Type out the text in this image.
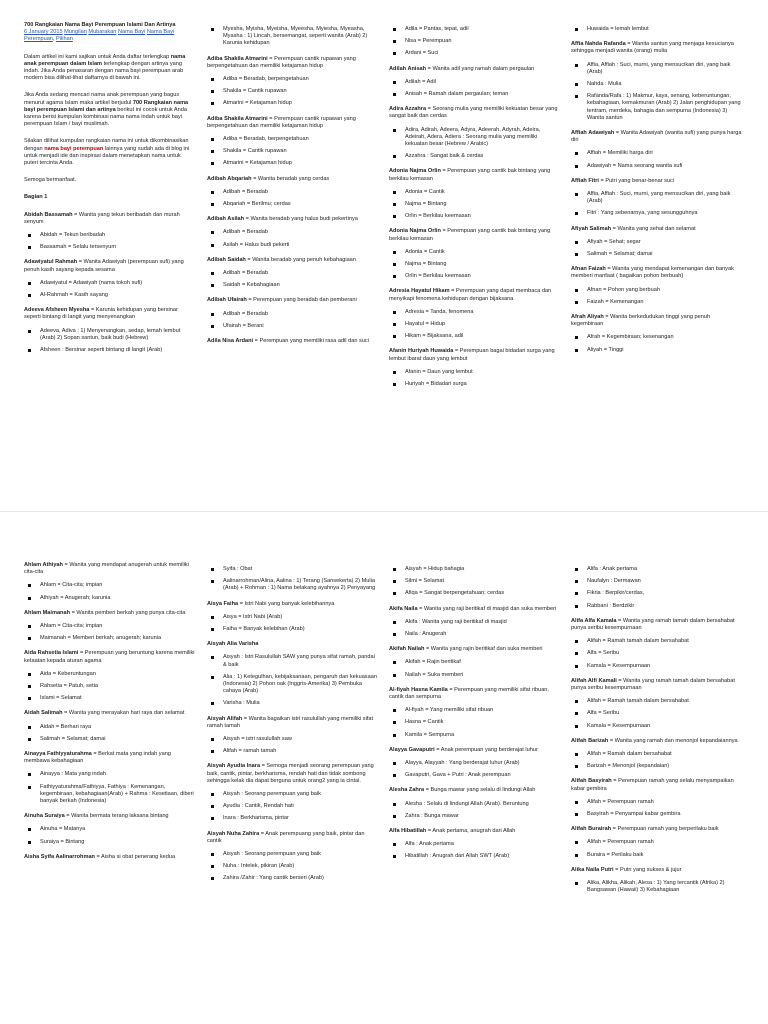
700 Rangkaian Nama Bayi Perempuan Islami Dan Artinya
6 January 2015 Mungilan Mubarakan Nama Bayi Nama Bayi Perempuan, Pilihan

Dalam artikel ini kami sajikan untuk Anda daftar terlengkap nama anak perempuan dalam Islam terlengkap dengan artinya yang indah. Jika Anda penasaran dengan nama bayi perempuan arab modern bisa dilihat-lihat daftarnya di bawah ini.

Jika Anda sedang mencari nama anak perempuan yang bagus menurut agama Islam maka artikel berjudul 700 Rangkaian nama bayi perempuan Islami dan artinya berikut ini cocok untuk Anda karena berisi kumpulan kombinasi nama nama indah untuk bayi perempuan Islam / bayi muslimah.

Silakan dilihat kumpulan rangkaian nama ini untuk dikombinasikan dengan nama bayi perempuan lainnya yang sudah ada di blog ini untuk menjadi ide dan inspirasi dalam menetapkan nama untuk puteri tercinta Anda.

Semoga bermanfaat.

Bagian 1

Abidah Bassamah = Wanita yang tekun beribadah dan murah senyum

Abidah = Tekun beribadah
Bassamah = Selalu tersenyum

Adawiyatul Rahmah = Wanita Adawiyah (perempuan sufi) yang penuh kasih sayang kepada sesama

Adawiyatul = Adawiyah (nama tokoh sufi)
Al-Rahmah = Kasih sayang

Adeeva Afsheen Myesha = Karunia kehidupan yang bersinar seperti bintang di langit yang menyenangkan

Adeeva, Adiva : 1) Menyenangkan, sedap, lemah lembut (Arab) 2) Sopan santun, baik budi (Hebrew)
Afsheen : Bersinar seperti bintang di langit (Arab)
Myesha, Myisha, Myeisha, Myeesha, Myiesha, Myeasha, Myasha : 1) Lincah, bersemangat, seperti wanita (Arab) 2) Karunia kehidupan

Adiba Shakila Atmarini = Perempuan cantik rupawan yang berpengetahuan dan memiliki ketajaman hidup

Adiba = Beradab, berpengetahuan
Shakila = Cantik rupawan
Atmarini = Ketajaman hidup

Adiba Shakila Atmarini = Perempuan cantik rupawan yang berpengetahuan dan memiliki ketajaman hidup

Adiba = Beradab, berpengetahuan
Shakila = Cantik rupawan
Atmarini = Ketajaman hidup

Adibah Abqariah = Wanita beradab yang cerdas

Adibah = Beradab
Abqariah = Berilmu; cerdas

Adibah Asilah = Wanita beradab yang halus budi pekertinya

Adibah = Beradab
Asilah = Halus budi pekerti

Adibah Saidah = Wanita beradab yang penuh kebahagiaan

Adibah = Beradab
Saidah = Kebahagiaan

Adibah Ufairah = Perempuan yang beradab dan pemberani

Adibah = Beradab
Ufairah = Berani

Adila Nisa Ardani = Perempuan yang memiliki rasa adil dan suci

Adila = Pantas, tepat, adil
Nisa = Perempuan
Ardani = Suci

Adilah Anisah = Wanita adil yang ramah dalam pergaulan

Adilah = Adil
Anisah = Ramah dalam pergaulan; teman

Adira Azzahra = Seorang mulia yang memiliki kekuatan besar yang sangat baik dan cerdas

Adira, Adirah, Adeera, Adyra, Adeerah, Adyrah, Adeira, Adeirah, Adera, Adiera : Seorang mulia yang memiliki kekuatan besar (Hebrew / Arabic)
Azzahra : Sangat baik & cerdas

Adonia Najma Orlin = Perempuan yang cantik bak bintang yang berkilau kemasan

Adonia = Cantik
Najma = Bintang
Orlin = Berkilau keemasan

Adonia Najma Orlin = Perempuan yang cantik bak bintang yang berkilau kemasan

Adonia = Cantik
Najma = Bintang
Orlin = Berkilau keemasan

Adresia Hayatul Hikam = Perempuan yang dapat membaca dan menyikapi fenomena kehidupan dengan bijaksana

Adresia = Tanda, fenomena
Hayatul = Hidup
Hikam = Bijaksana, adil

Afanin Huriyah Huwaida = Perempuan bagai bidadari surga yang lembut ibarat daun yang lembut

Afanin = Daun yang lembut
Huriyah = Bidadari surga
Huwaida = lemah lembut

Affia Nahda Rafanda = Wanita santun yang menjaga kesucianya sehingga menjadi wanita (orang) mulia

Affia, Affiah : Suci, murni, yang mensucikan diri, yang baik (Arab)
Nahda : Mulia
Rafanda/Rafa : 1) Makmur, kaya, senang, keberuntungan, kebahagiaan, kemakmuran (Arab) 2) Jalan penghidupan yang tentram, merdeka, bahagia dan sempurna (Indonesia) 3) Wanita santun

Affiah Adawiyah = Wanita Adawiyah (wanita sufi) yang punya harga diri

Affiah = Memiliki harga diri
Adawiyah = Nama seorang wanita sufi

Affiah Fitri = Putri yang benar-benar suci

Affia, Affiah : Suci, murni, yang mensucikan diri, yang baik (Arab)
Fitri : Yang sebenarnya, yang sesungguhnya

Afiyah Salimah = Wanita yang sehat dan selamat

Afiyah = Sehat; segar
Salimah = Selamat; damai

Afnan Faizah = Wanita yang mendapat kemenangan dan banyak memberi manfaat ( bagaikan pohon berbuah)

Afnan = Pohon yang berbuah
Faizah = Kemenangan

Afrah Aliyah = Wanita berkedudukan tinggi yang penuh kegembiraan

Afrah = Kegembiraan; kesenangan
Aliyah = Tinggi

Ahlam Athiyah = Wanita yang mendapat anugerah untuk memiliki cita-cita

Ahlam = Cita-cita; impian
Athiyah = Anugerah; karunia

Ahlam Maimanah = Wanita pemberi berkah yang punya cita-cita

Ahlam = Cita-cita; impian
Maimanah = Memberi berkah; anugerah; karunia

Aida Rahsetia Islami = Perempuan yang beruntung karena memiliki ketaatan kepada aturan agama

Aida = Keberuntungan
Rahsetia = Patuh, setia
Islami = Selamat

Aidah Salimah = Wanita yang merayakan hari raya dan selamat

Aidah = Berhari raya
Salimah = Selamat; damai

Ainayya Fathiyyaturahma = Berkat mata yang indah yang membawa kebahagiaan

Ainayya : Mata yang indah
Fathiyyaturahma/Fathiyya, Fathiya : Kemenangan, kegembiraan, kebahagiaan(Arab) + Rahma : Kesetiaan, diberi banyak berkah (Indonesia)

Ainuha Suraiya = Wanita bermata terang laksana bintang

Ainuha = Matanya
Suraiya = Bintang

Aisha Syifa Aalinarrohman = Aisha si obat penerang kedua

Syifa : Obat
Aalinarrohman/Alina, Aalina : 1) Terang (Sansekerta) 2) Mulia (Arab) + Rohman : 1) Nama belakang ayahnya 2) Penyayang

Aisya Faiha = Istri Nabi yang banyak kelebihannya

Aisya = Istri Nabi (Arab)
Faiha = Banyak kelebihan (Arab)

Aisyah Alia Varisha

Aisyah : Istri Rasulullah SAW yang punya sifat ramah, pandai & baik
Alia : 1) Ketegulhan, kebijaksanaan, pengaruh dan kekuasaan (Indonesia) 2) Pohon oak (Inggris-Amerika) 3) Pembuka cahaya (Arab)
Varisha : Mulia

Aisyah Alifah = Wanita bagaikan istri rasulullah yang memiliki sifat ramah tamah

Aisyah = istri rasulullah saw
Alifah = ramah tamah

Aisyah Ayudia Inara = Semoga menjadi seorang perempuan yang baik, cantik, pintar, berkharisma, rendah hati dan tidak sombong sehingga kelak dia dapat berguna untuk orang2 yang ia cintai.

Aisyah : Seorang perempuan yang baik
Ayudia : Cantik, Rendah hati
Inara : Berkharisma, pintar

Aisyah Nuha Zahira = Anak perempuang yang baik, pintar dan cantik

Aisyah : Seorang perempuan yang baik
Nuha : Intelek, pikiran (Arab)
Zahira /Zahir : Yang cantik berseri (Arab)
Aisyah = Hidup bahagia
Silmi = Selamat
Afiqa = Sangat berpengetahuan; cerdas

Akifa Naila = Wanita yang raji beritikaf di masjid dan suka memberi

Akifa : Wanita yang raji beritikaf di masjid
Naila : Anugerah

Akifah Nailah = Wanita yang rajin beritikaf dan suka memberi

Akifah = Rajin beritikaf
Nailah = Suka memberi

Al-fiyah Hasna Kamila = Perempuan yang memiliki sifat ribuan, cantik dan sempurna

Al-fiyah = Yang memiliki sifat ribuan
Hasna = Cantik
Kamila = Sempurna

Alayya Gavaputri = Anak perempuan yang berderajat luhur

Alayya, Alayyah : Yang berderajat luhur (Arab)
Gavaputri, Gava + Putri : Anak perempuan

Alesha Zahra = Bunga mawar yang selalu di lindungi Allah

Alesha : Selalu di lindungi Allah (Arab). Beruntung
Zahra : Bunga mawar

Alfa Hibatillah = Anak pertama, anugrah dari Allah

Alfa : Anak pertama
Hibatillah : Anugrah dari Allah SWT (Arab)
Alifa : Anak pertama
Naufalyn : Dermawan
Fikria : Berpikir/cerdas,
Rabbani : Berdzikir

Alifa Alfa Kamala = Wanita yang ramah tamah dalam bersahabat punya seribu kesempurnaan

Alifah = Ramah tamah dalam bersahabat
Alfa = Seribu
Kamala = Kesempurnaan

Alifah Alfi Kamali = Wanita yang ramah tamah dalam bersahabat punya seribu kesempurnaan

Alifah = Ramah tamah dalam bersahabat
Alfa = Seribu
Kamala = Kesempurnaan

Alifah Barizah = Wanita yang ramah dan menonjol kepandaiannya

Alifah = Ramah dalam bersahabat
Barizah = Menonjol (kepandaian)

Alifah Basyirah = Perempuan ramah yang selalu menyampaikan kabar gembira

Alifah = Perempuan ramah
Basyirah = Penyampai kabar gembira

Alifah Burairah = Perempuan ramah yang berperilaku baik

Alifah = Perempuan ramah
Buraira = Perilaku baik

Alika Naila Putri = Putri yang sukses & jujur

Alika, Alikha, Alikah, Alesa : 1) Yang tercantik (Afrika) 2) Bangsawan (Hawaii) 3) Kebahagiaan
